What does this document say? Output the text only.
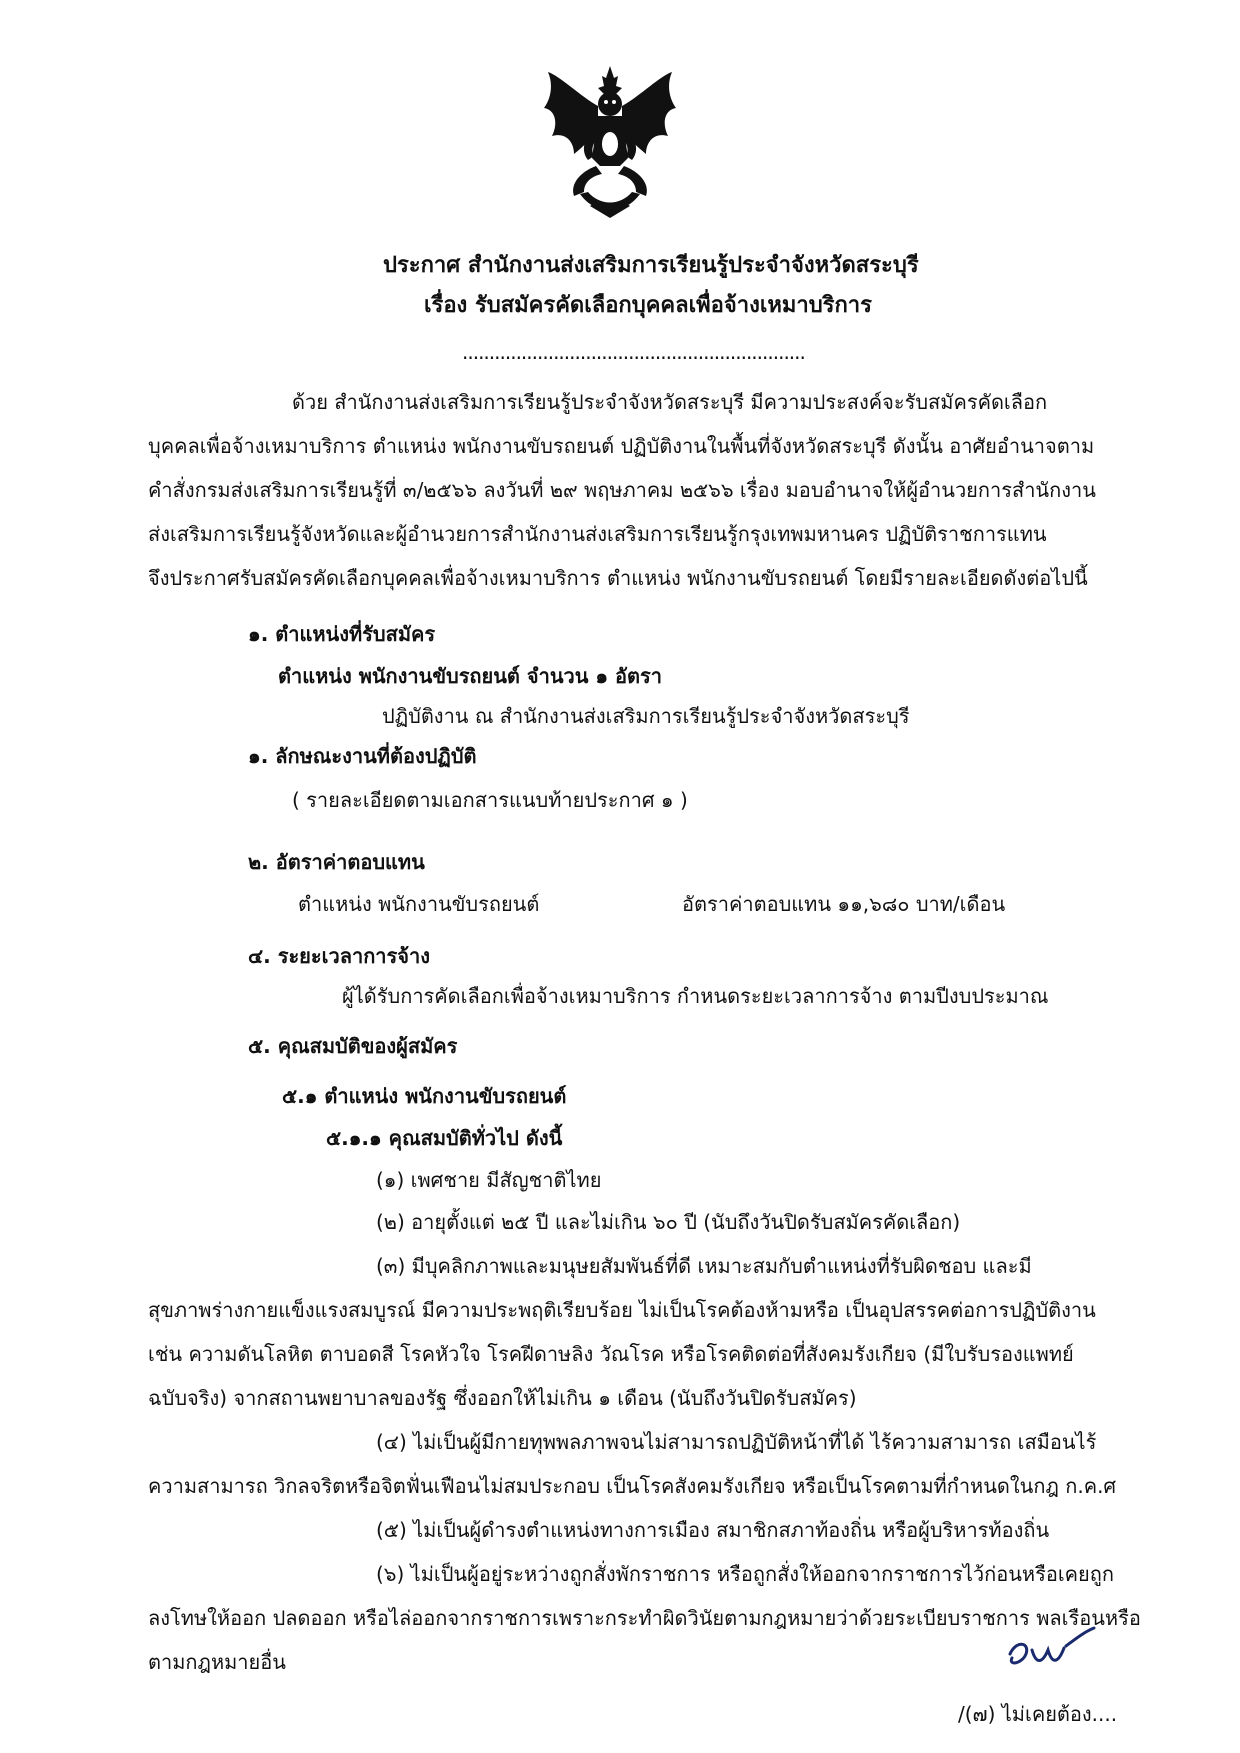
ประกาศ สำนักงานส่งเสริมการเรียนรู้ประจำจังหวัดสระบุรี
เรื่อง รับสมัครคัดเลือกบุคคลเพื่อจ้างเหมาบริการ
................................................................
ด้วย สำนักงานส่งเสริมการเรียนรู้ประจำจังหวัดสระบุรี มีความประสงค์จะรับสมัครคัดเลือก
บุคคลเพื่อจ้างเหมาบริการ ตำแหน่ง พนักงานขับรถยนต์ ปฏิบัติงานในพื้นที่จังหวัดสระบุรี ดังนั้น อาศัยอำนาจตาม
คำสั่งกรมส่งเสริมการเรียนรู้ที่ ๓/๒๕๖๖ ลงวันที่ ๒๙ พฤษภาคม ๒๕๖๖ เรื่อง มอบอำนาจให้ผู้อำนวยการสำนักงาน
ส่งเสริมการเรียนรู้จังหวัดและผู้อำนวยการสำนักงานส่งเสริมการเรียนรู้กรุงเทพมหานคร ปฏิบัติราชการแทน
จึงประกาศรับสมัครคัดเลือกบุคคลเพื่อจ้างเหมาบริการ ตำแหน่ง พนักงานขับรถยนต์ โดยมีรายละเอียดดังต่อไปนี้
๑. ตำแหน่งที่รับสมัคร
ตำแหน่ง พนักงานขับรถยนต์ จำนวน ๑ อัตรา
ปฏิบัติงาน ณ สำนักงานส่งเสริมการเรียนรู้ประจำจังหวัดสระบุรี
๑. ลักษณะงานที่ต้องปฏิบัติ
( รายละเอียดตามเอกสารแนบท้ายประกาศ ๑ )
๒. อัตราค่าตอบแทน
ตำแหน่ง พนักงานขับรถยนต์	อัตราค่าตอบแทน ๑๑,๖๘๐ บาท/เดือน
๔. ระยะเวลาการจ้าง
ผู้ได้รับการคัดเลือกเพื่อจ้างเหมาบริการ กำหนดระยะเวลาการจ้าง ตามปีงบประมาณ
๕. คุณสมบัติของผู้สมัคร
๕.๑ ตำแหน่ง พนักงานขับรถยนต์
๕.๑.๑ คุณสมบัติทั่วไป ดังนี้
(๑) เพศชาย มีสัญชาติไทย
(๒) อายุตั้งแต่ ๒๕ ปี และไม่เกิน ๖๐ ปี (นับถึงวันปิดรับสมัครคัดเลือก)
(๓) มีบุคลิกภาพและมนุษยสัมพันธ์ที่ดี เหมาะสมกับตำแหน่งที่รับผิดชอบ และมี
สุขภาพร่างกายแข็งแรงสมบูรณ์ มีความประพฤติเรียบร้อย ไม่เป็นโรคต้องห้ามหรือ เป็นอุปสรรคต่อการปฏิบัติงาน
เช่น ความดันโลหิต ตาบอดสี โรคหัวใจ โรคฝีดาษลิง วัณโรค หรือโรคติดต่อที่สังคมรังเกียจ (มีใบรับรองแพทย์
ฉบับจริง) จากสถานพยาบาลของรัฐ ซึ่งออกให้ไม่เกิน ๑ เดือน (นับถึงวันปิดรับสมัคร)
(๔) ไม่เป็นผู้มีกายทุพพลภาพจนไม่สามารถปฏิบัติหน้าที่ได้ ไร้ความสามารถ เสมือนไร้
ความสามารถ วิกลจริตหรือจิตฟั่นเฟือนไม่สมประกอบ เป็นโรคสังคมรังเกียจ หรือเป็นโรคตามที่กำหนดในกฎ ก.ค.ศ
(๕) ไม่เป็นผู้ดำรงตำแหน่งทางการเมือง สมาชิกสภาท้องถิ่น หรือผู้บริหารท้องถิ่น
(๖) ไม่เป็นผู้อยู่ระหว่างถูกสั่งพักราชการ หรือถูกสั่งให้ออกจากราชการไว้ก่อนหรือเคยถูก
ลงโทษให้ออก ปลดออก หรือไล่ออกจากราชการเพราะกระทำผิดวินัยตามกฎหมายว่าด้วยระเบียบราชการ พลเรือนหรือ
ตามกฎหมายอื่น
/(๗) ไม่เคยต้อง....
